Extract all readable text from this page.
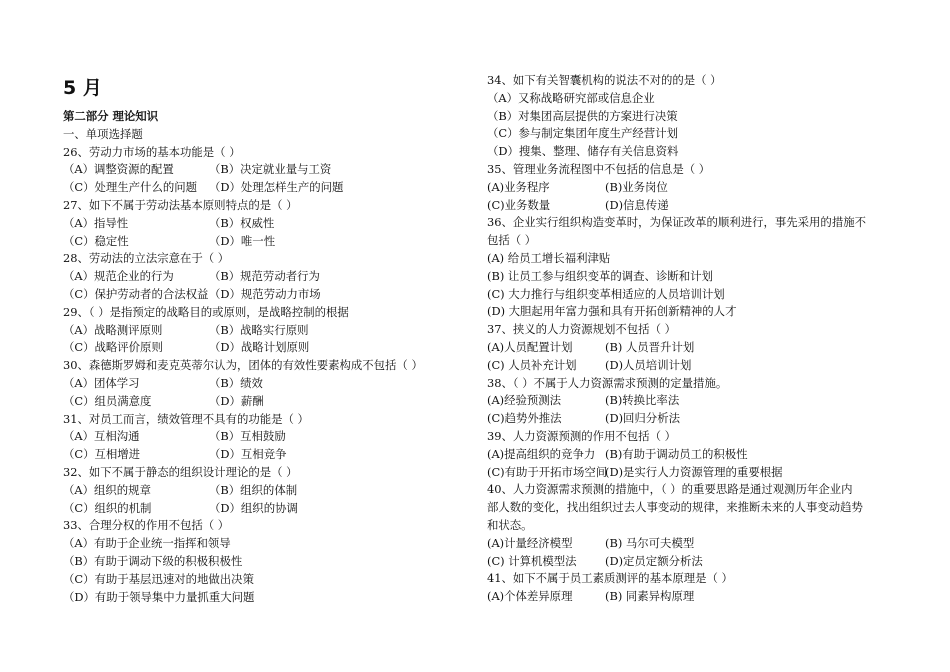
5 月
第二部分 理论知识
一、单项选择题
26、劳动力市场的基本功能是（ ）
（A）调整资源的配置	（B）决定就业量与工资
（C）处理生产什么的问题 （D）处理怎样生产的问题
27、如下不属于劳动法基本原则特点的是（ ）
（A）指导性	（B）权威性
（C）稳定性	（D）唯一性
28、劳动法的立法宗意在于（ ）
（A）规范企业的行为	（B）规范劳动者行为
（C）保护劳动者的合法权益（D）规范劳动力市场
29、（ ）是指预定的战略目的或原则，是战略控制的根据
（A）战略测评原则	（B）战略实行原则
（C）战略评价原则	（D）战略计划原则
30、森德斯罗姆和麦克英蒂尔认为，团体的有效性要素构成不包括（ ）
（A）团体学习	（B）绩效
（C）组员满意度	（D）薪酬
31、对员工而言，绩效管理不具有的功能是（ ）
（A）互相沟通	（B）互相鼓励
（C）互相增进	（D）互相竞争
32、如下不属于静态的组织设计理论的是（ ）
（A）组织的规章	（B）组织的体制
（C）组织的机制	（D）组织的协调
33、合理分权的作用不包括（ ）
（A）有助于企业统一指挥和领导
（B）有助于调动下级的积极积极性
（C）有助于基层迅速对的地做出决策
（D）有助于领导集中力量抓重大问题
34、如下有关智囊机构的说法不对的的是（ ）
（A）又称战略研究部或信息企业
（B）对集团高层提供的方案进行决策
（C）参与制定集团年度生产经营计划
（D）搜集、整理、储存有关信息资料
35、管理业务流程图中不包括的信息是（ ）
(A)业务程序	(B)业务岗位
(C)业务数量	(D)信息传递
36、企业实行组织构造变革时，为保证改革的顺利进行，事先采用的措施不
包括（ ）
(A) 给员工增长福利津贴
(B) 让员工参与组织变革的调查、诊断和计划
(C) 大力推行与组织变革相适应的人员培训计划
(D) 大胆起用年富力强和具有开拓创新精神的人才
37、挟义的人力资源规划不包括（ ）
(A)人员配置计划	(B) 人员晋升计划
(C) 人员补充计划 (D)人员培训计划
38、（ ）不属于人力资源需求预测的定量措施。
(A)经验预测法	(B)转换比率法
(C)趋势外推法	(D)回归分析法
39、人力资源预测的作用不包括（ ）
(A)提高组织的竞争力 (B)有助于调动员工的积极性
(C)有助于开拓市场空间(D)是实行人力资源管理的重要根据
40、人力资源需求预测的措施中，（ ）的重要思路是通过观测历年企业内
部人数的变化，找出组织过去人事变动的规律，来推断未来的人事变动趋势
和状态。
(A)计量经济模型	(B) 马尔可夫模型
(C) 计算机模型法 (D)定员定额分析法
41、如下不属于员工素质测评的基本原理是（ ）
(A)个体差异原理	(B) 同素异构原理
